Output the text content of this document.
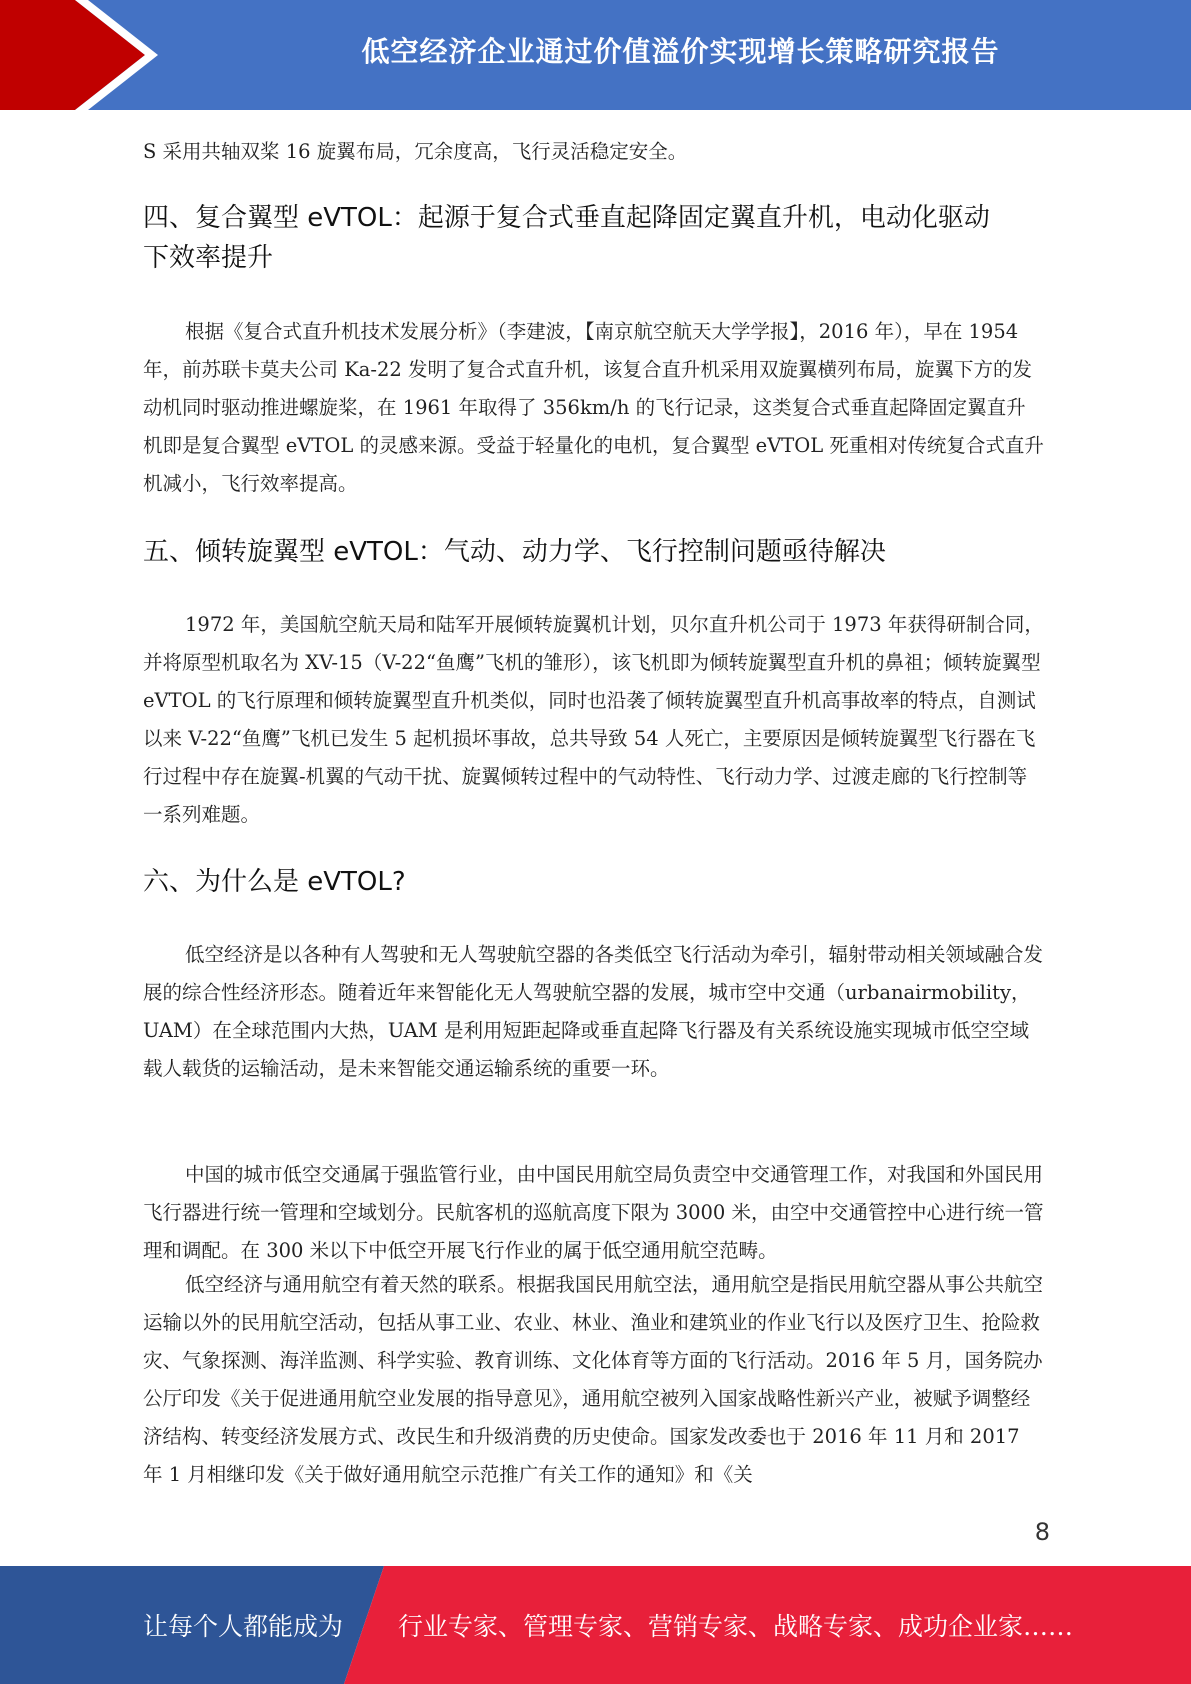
低空经济企业通过价值溢价实现增长策略研究报告

S 采用共轴双桨 16 旋翼布局，冗余度高，飞行灵活稳定安全。

四、复合翼型 eVTOL：起源于复合式垂直起降固定翼直升机，电动化驱动
下效率提升

根据《复合式直升机技术发展分析》（李建波，【南京航空航天大学学报】，2016 年），早在 1954 年，前苏联卡莫夫公司 Ka-22 发明了复合式直升机，该复合直升机采用双旋翼横列布局，旋翼下方的发动机同时驱动推进螺旋桨，在 1961 年取得了 356km/h 的飞行记录，这类复合式垂直起降固定翼直升机即是复合翼型 eVTOL 的灵感来源。受益于轻量化的电机，复合翼型 eVTOL 死重相对传统复合式直升机减小，飞行效率提高。

五、倾转旋翼型 eVTOL：气动、动力学、飞行控制问题亟待解决

1972 年，美国航空航天局和陆军开展倾转旋翼机计划，贝尔直升机公司于 1973 年获得研制合同，并将原型机取名为 XV-15（V-22“鱼鹰”飞机的雏形），该飞机即为倾转旋翼型直升机的鼻祖；倾转旋翼型 eVTOL 的飞行原理和倾转旋翼型直升机类似，同时也沿袭了倾转旋翼型直升机高事故率的特点，自测试以来 V-22“鱼鹰”飞机已发生 5 起机损坏事故，总共导致 54 人死亡，主要原因是倾转旋翼型飞行器在飞行过程中存在旋翼-机翼的气动干扰、旋翼倾转过程中的气动特性、飞行动力学、过渡走廊的飞行控制等一系列难题。

六、为什么是 eVTOL?

低空经济是以各种有人驾驶和无人驾驶航空器的各类低空飞行活动为牵引，辐射带动相关领域融合发展的综合性经济形态。随着近年来智能化无人驾驶航空器的发展，城市空中交通（urbanairmobility，UAM）在全球范围内大热，UAM 是利用短距起降或垂直起降飞行器及有关系统设施实现城市低空空域载人载货的运输活动，是未来智能交通运输系统的重要一环。

中国的城市低空交通属于强监管行业，由中国民用航空局负责空中交通管理工作，对我国和外国民用飞行器进行统一管理和空域划分。民航客机的巡航高度下限为 3000 米，由空中交通管控中心进行统一管理和调配。在 300 米以下中低空开展飞行作业的属于低空通用航空范畴。

低空经济与通用航空有着天然的联系。根据我国民用航空法，通用航空是指民用航空器从事公共航空运输以外的民用航空活动，包括从事工业、农业、林业、渔业和建筑业的作业飞行以及医疗卫生、抢险救灾、气象探测、海洋监测、科学实验、教育训练、文化体育等方面的飞行活动。2016 年 5 月，国务院办公厅印发《关于促进通用航空业发展的指导意见》，通用航空被列入国家战略性新兴产业，被赋予调整经济结构、转变经济发展方式、改民生和升级消费的历史使命。国家发改委也于 2016 年 11 月和 2017 年 1 月相继印发《关于做好通用航空示范推广有关工作的通知》和《关

8
让每个人都能成为 行业专家、管理专家、营销专家、战略专家、成功企业家……
